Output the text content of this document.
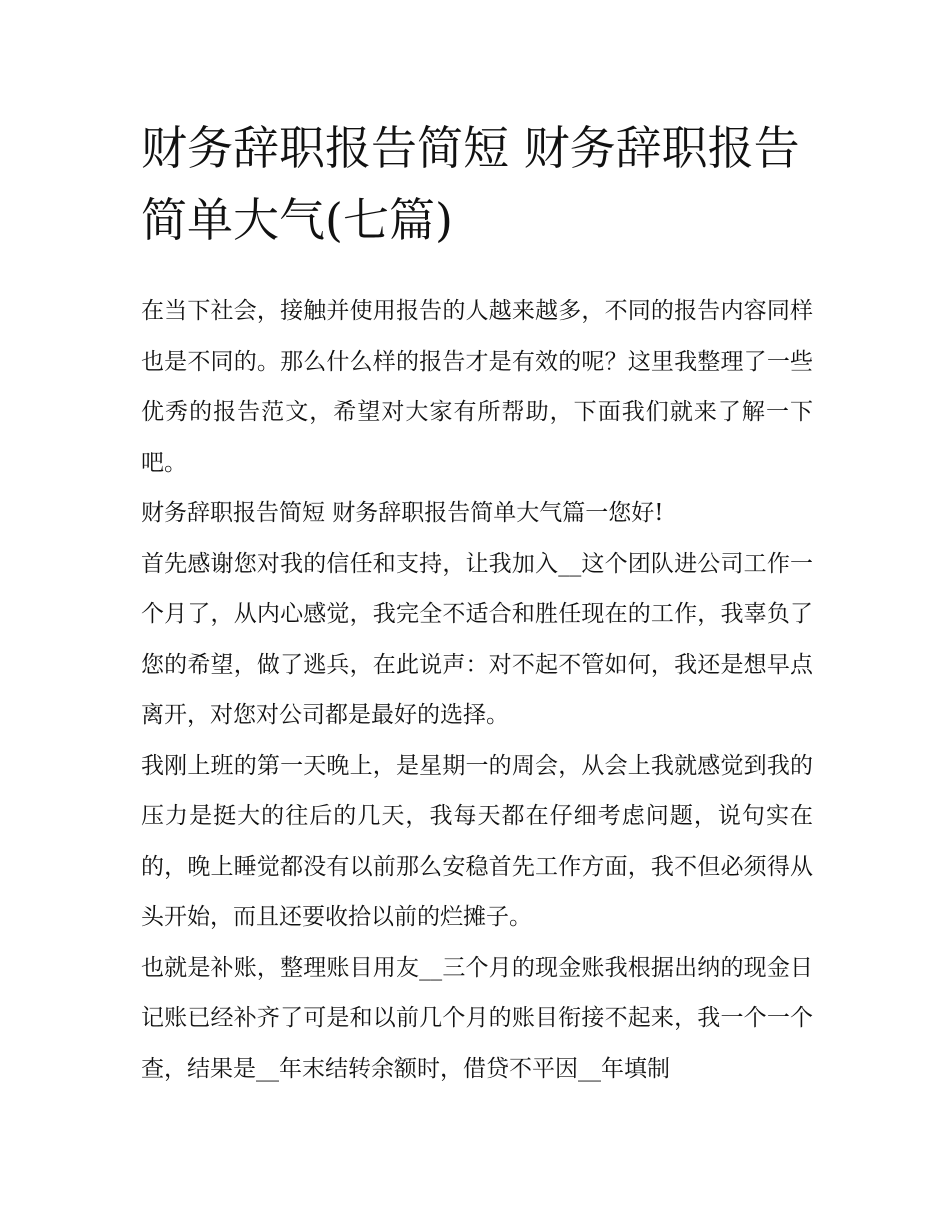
财务辞职报告简短 财务辞职报告简单大气(七篇)

在当下社会，接触并使用报告的人越来越多，不同的报告内容同样也是不同的。那么什么样的报告才是有效的呢？这里我整理了一些优秀的报告范文，希望对大家有所帮助，下面我们就来了解一下吧。

财务辞职报告简短 财务辞职报告简单大气篇一您好!

首先感谢您对我的信任和支持，让我加入__这个团队进公司工作一个月了，从内心感觉，我完全不适合和胜任现在的工作，我辜负了您的希望，做了逃兵，在此说声：对不起不管如何，我还是想早点离开，对您对公司都是最好的选择。

我刚上班的第一天晚上，是星期一的周会，从会上我就感觉到我的压力是挺大的往后的几天，我每天都在仔细考虑问题，说句实在的，晚上睡觉都没有以前那么安稳首先工作方面，我不但必须得从头开始，而且还要收拾以前的烂摊子。

也就是补账，整理账目用友__三个月的现金账我根据出纳的现金日记账已经补齐了可是和以前几个月的账目衔接不起来，我一个一个查，结果是__年末结转余额时，借贷不平因__年填制
